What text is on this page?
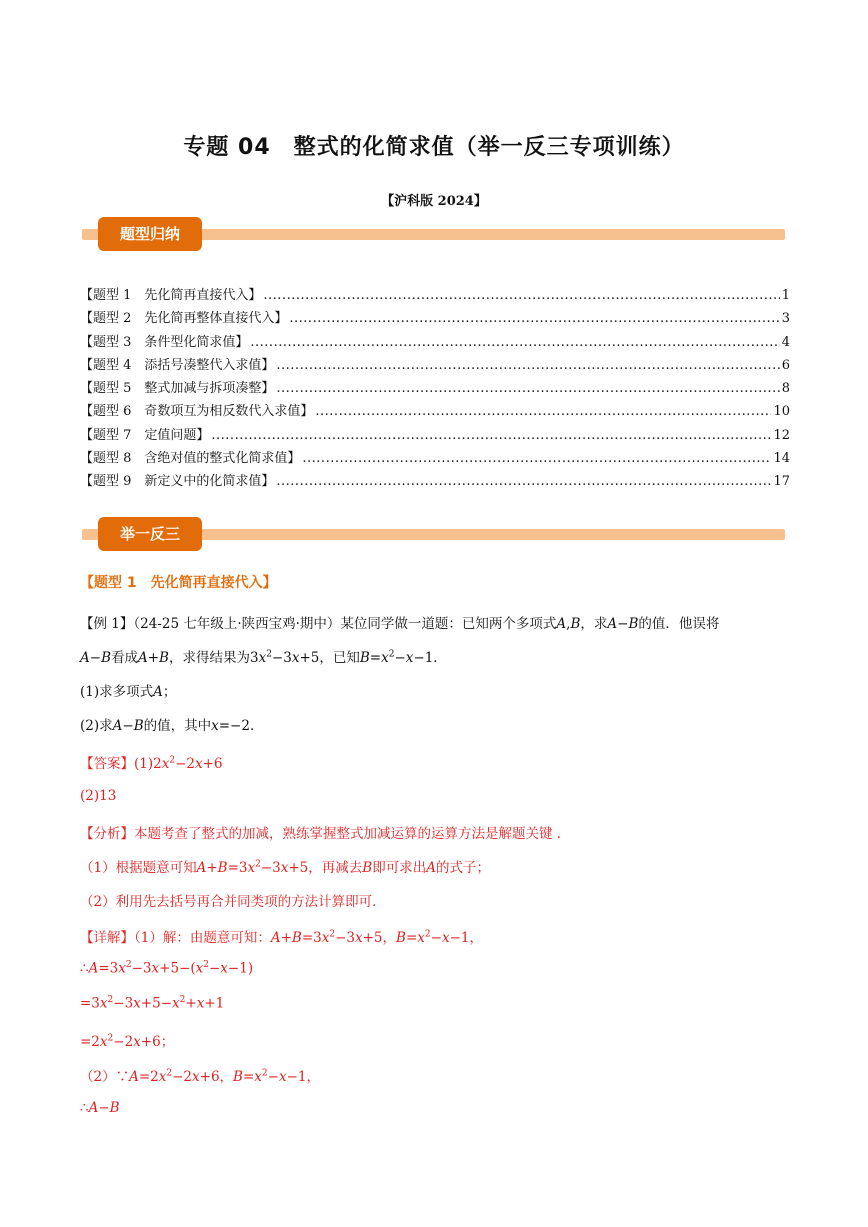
专题 04　整式的化简求值（举一反三专项训练）
【沪科版 2024】
题型归纳
【题型 1　先化简再直接代入】 .....	1
【题型 2　先化简再整体直接代入】 .....	3
【题型 3　条件型化简求值】 .....	4
【题型 4　添括号凑整代入求值】 .....	6
【题型 5　整式加减与拆项凑整】 .....	8
【题型 6　奇数项互为相反数代入求值】 .....	10
【题型 7　定值问题】 .....	12
【题型 8　含绝对值的整式化简求值】 .....	14
【题型 9　新定义中的化简求值】 .....	17
举一反三
【题型 1　先化简再直接代入】
【例 1】（24-25 七年级上·陕西宝鸡·期中）某位同学做一道题：已知两个多项式A,B，求A−B的值．他误将
A−B看成A+B，求得结果为$3x^2-3x+5$，已知$B=x^2-x-1$．
(1)求多项式A；
(2)求A−B的值，其中x=−2．
【答案】$(1)2x^2-2x+6$
(2)13
【分析】本题考查了整式的加减，熟练掌握整式加减运算的运算方法是解题关键 ．
（1）根据题意可知$A+B=3x^2-3x+5$，再减去B即可求出A的式子；
（2）利用先去括号再合并同类项的方法计算即可．
【详解】（1）解：由题意可知：$A+B=3x^2-3x+5$，$B=x^2-x-1$，
$\therefore A=3x^2-3x+5-(x^2-x-1)$
$=3x^2-3x+5-x^2+x+1$
$=2x^2-2x+6$；
$(2)\because A=2x^2-2x+6$，$B=x^2-x-1$，
∴A−B
